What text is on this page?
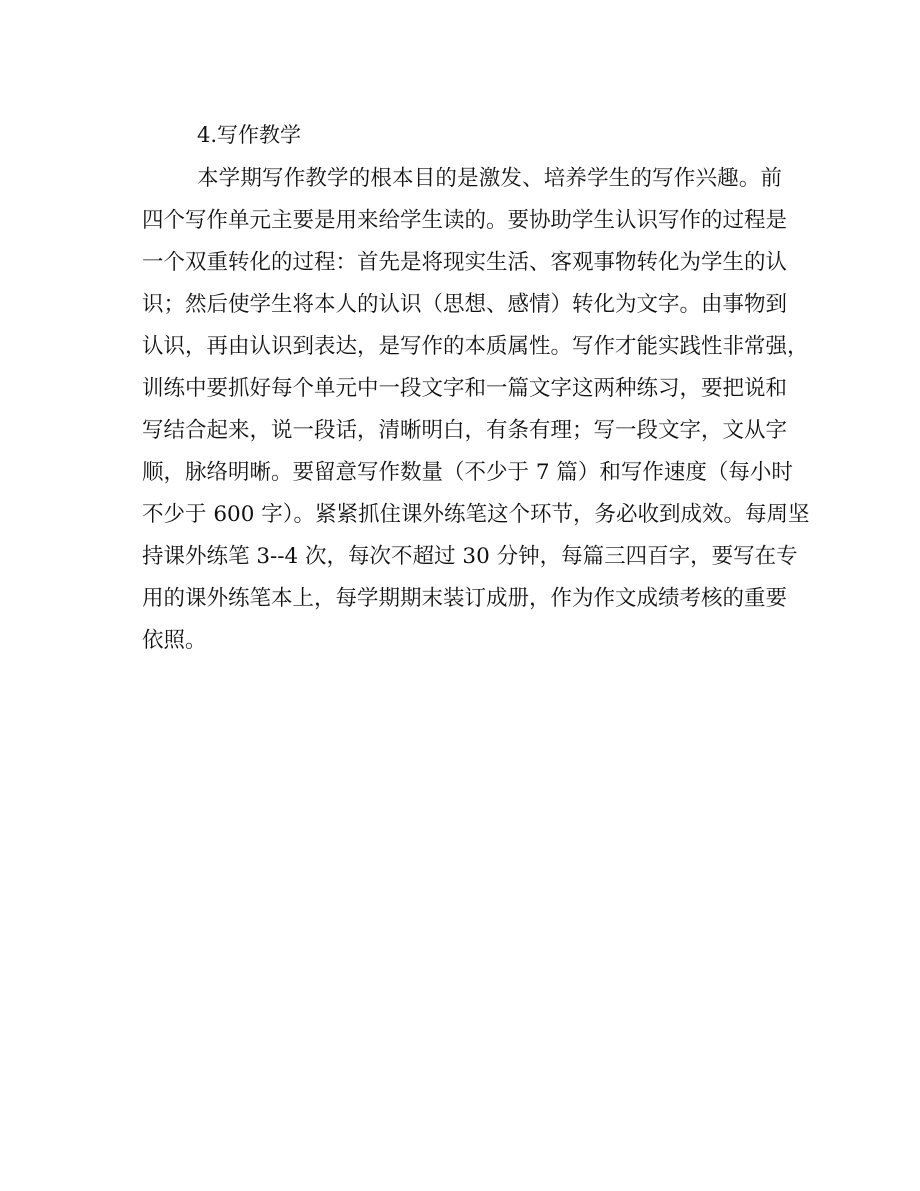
4.写作教学
本学期写作教学的根本目的是激发、培养学生的写作兴趣。前
四个写作单元主要是用来给学生读的。要协助学生认识写作的过程是
一个双重转化的过程：首先是将现实生活、客观事物转化为学生的认
识；然后使学生将本人的认识（思想、感情）转化为文字。由事物到
认识，再由认识到表达，是写作的本质属性。写作才能实践性非常强，
训练中要抓好每个单元中一段文字和一篇文字这两种练习，要把说和
写结合起来，说一段话，清晰明白，有条有理；写一段文字，文从字
顺，脉络明晰。要留意写作数量（不少于 7 篇）和写作速度（每小时
不少于 600 字）。紧紧抓住课外练笔这个环节，务必收到成效。每周坚
持课外练笔 3--4 次，每次不超过 30 分钟，每篇三四百字，要写在专
用的课外练笔本上，每学期期末装订成册，作为作文成绩考核的重要
依照。
